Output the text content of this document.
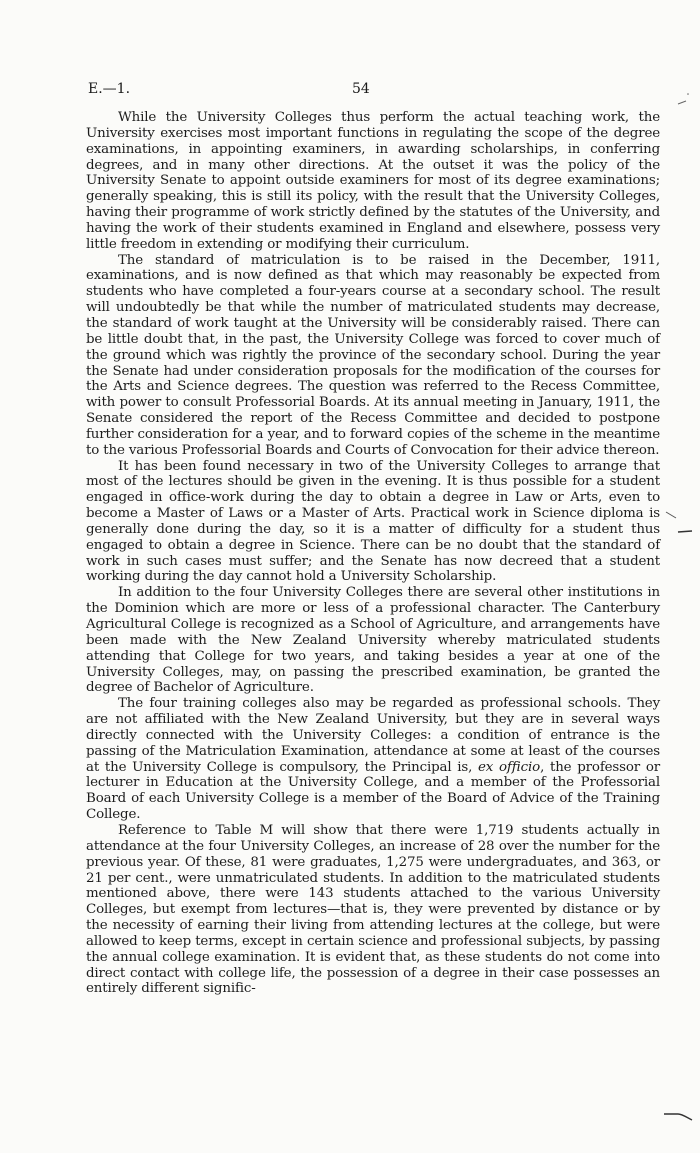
E.—1.	54

While the University Colleges thus perform the actual teaching work, the University exercises most important functions in regulating the scope of the degree examinations, in appointing examiners, in awarding scholarships, in conferring degrees, and in many other directions. At the outset it was the policy of the University Senate to appoint outside examiners for most of its degree examinations; generally speaking, this is still its policy, with the result that the University Colleges, having their programme of work strictly defined by the statutes of the University, and having the work of their students examined in England and elsewhere, possess very little freedom in extending or modifying their curriculum.

The standard of matriculation is to be raised in the December, 1911, examinations, and is now defined as that which may reasonably be expected from students who have completed a four-years course at a secondary school. The result will undoubtedly be that while the number of matriculated students may decrease, the standard of work taught at the University will be considerably raised. There can be little doubt that, in the past, the University College was forced to cover much of the ground which was rightly the province of the secondary school. During the year the Senate had under consideration proposals for the modification of the courses for the Arts and Science degrees. The question was referred to the Recess Committee, with power to consult Professorial Boards. At its annual meeting in January, 1911, the Senate considered the report of the Recess Committee and decided to postpone further consideration for a year, and to forward copies of the scheme in the meantime to the various Professorial Boards and Courts of Convocation for their advice thereon.

It has been found necessary in two of the University Colleges to arrange that most of the lectures should be given in the evening. It is thus possible for a student engaged in office-work during the day to obtain a degree in Law or Arts, even to become a Master of Laws or a Master of Arts. Practical work in Science diploma is generally done during the day, so it is a matter of difficulty for a student thus engaged to obtain a degree in Science. There can be no doubt that the standard of work in such cases must suffer; and the Senate has now decreed that a student working during the day cannot hold a University Scholarship.

In addition to the four University Colleges there are several other institutions in the Dominion which are more or less of a professional character. The Canterbury Agricultural College is recognized as a School of Agriculture, and arrangements have been made with the New Zealand University whereby matriculated students attending that College for two years, and taking besides a year at one of the University Colleges, may, on passing the prescribed examination, be granted the degree of Bachelor of Agriculture.

The four training colleges also may be regarded as professional schools. They are not affiliated with the New Zealand University, but they are in several ways directly connected with the University Colleges: a condition of entrance is the passing of the Matriculation Examination, attendance at some at least of the courses at the University College is compulsory, the Principal is, ex officio, the professor or lecturer in Education at the University College, and a member of the Professorial Board of each University College is a member of the Board of Advice of the Training College.

Reference to Table M will show that there were 1,719 students actually in attendance at the four University Colleges, an increase of 28 over the number for the previous year. Of these, 81 were graduates, 1,275 were undergraduates, and 363, or 21 per cent., were unmatriculated students. In addition to the matriculated students mentioned above, there were 143 students attached to the various University Colleges, but exempt from lectures—that is, they were prevented by distance or by the necessity of earning their living from attending lectures at the college, but were allowed to keep terms, except in certain science and professional subjects, by passing the annual college examination. It is evident that, as these students do not come into direct contact with college life, the possession of a degree in their case possesses an entirely different signific-
